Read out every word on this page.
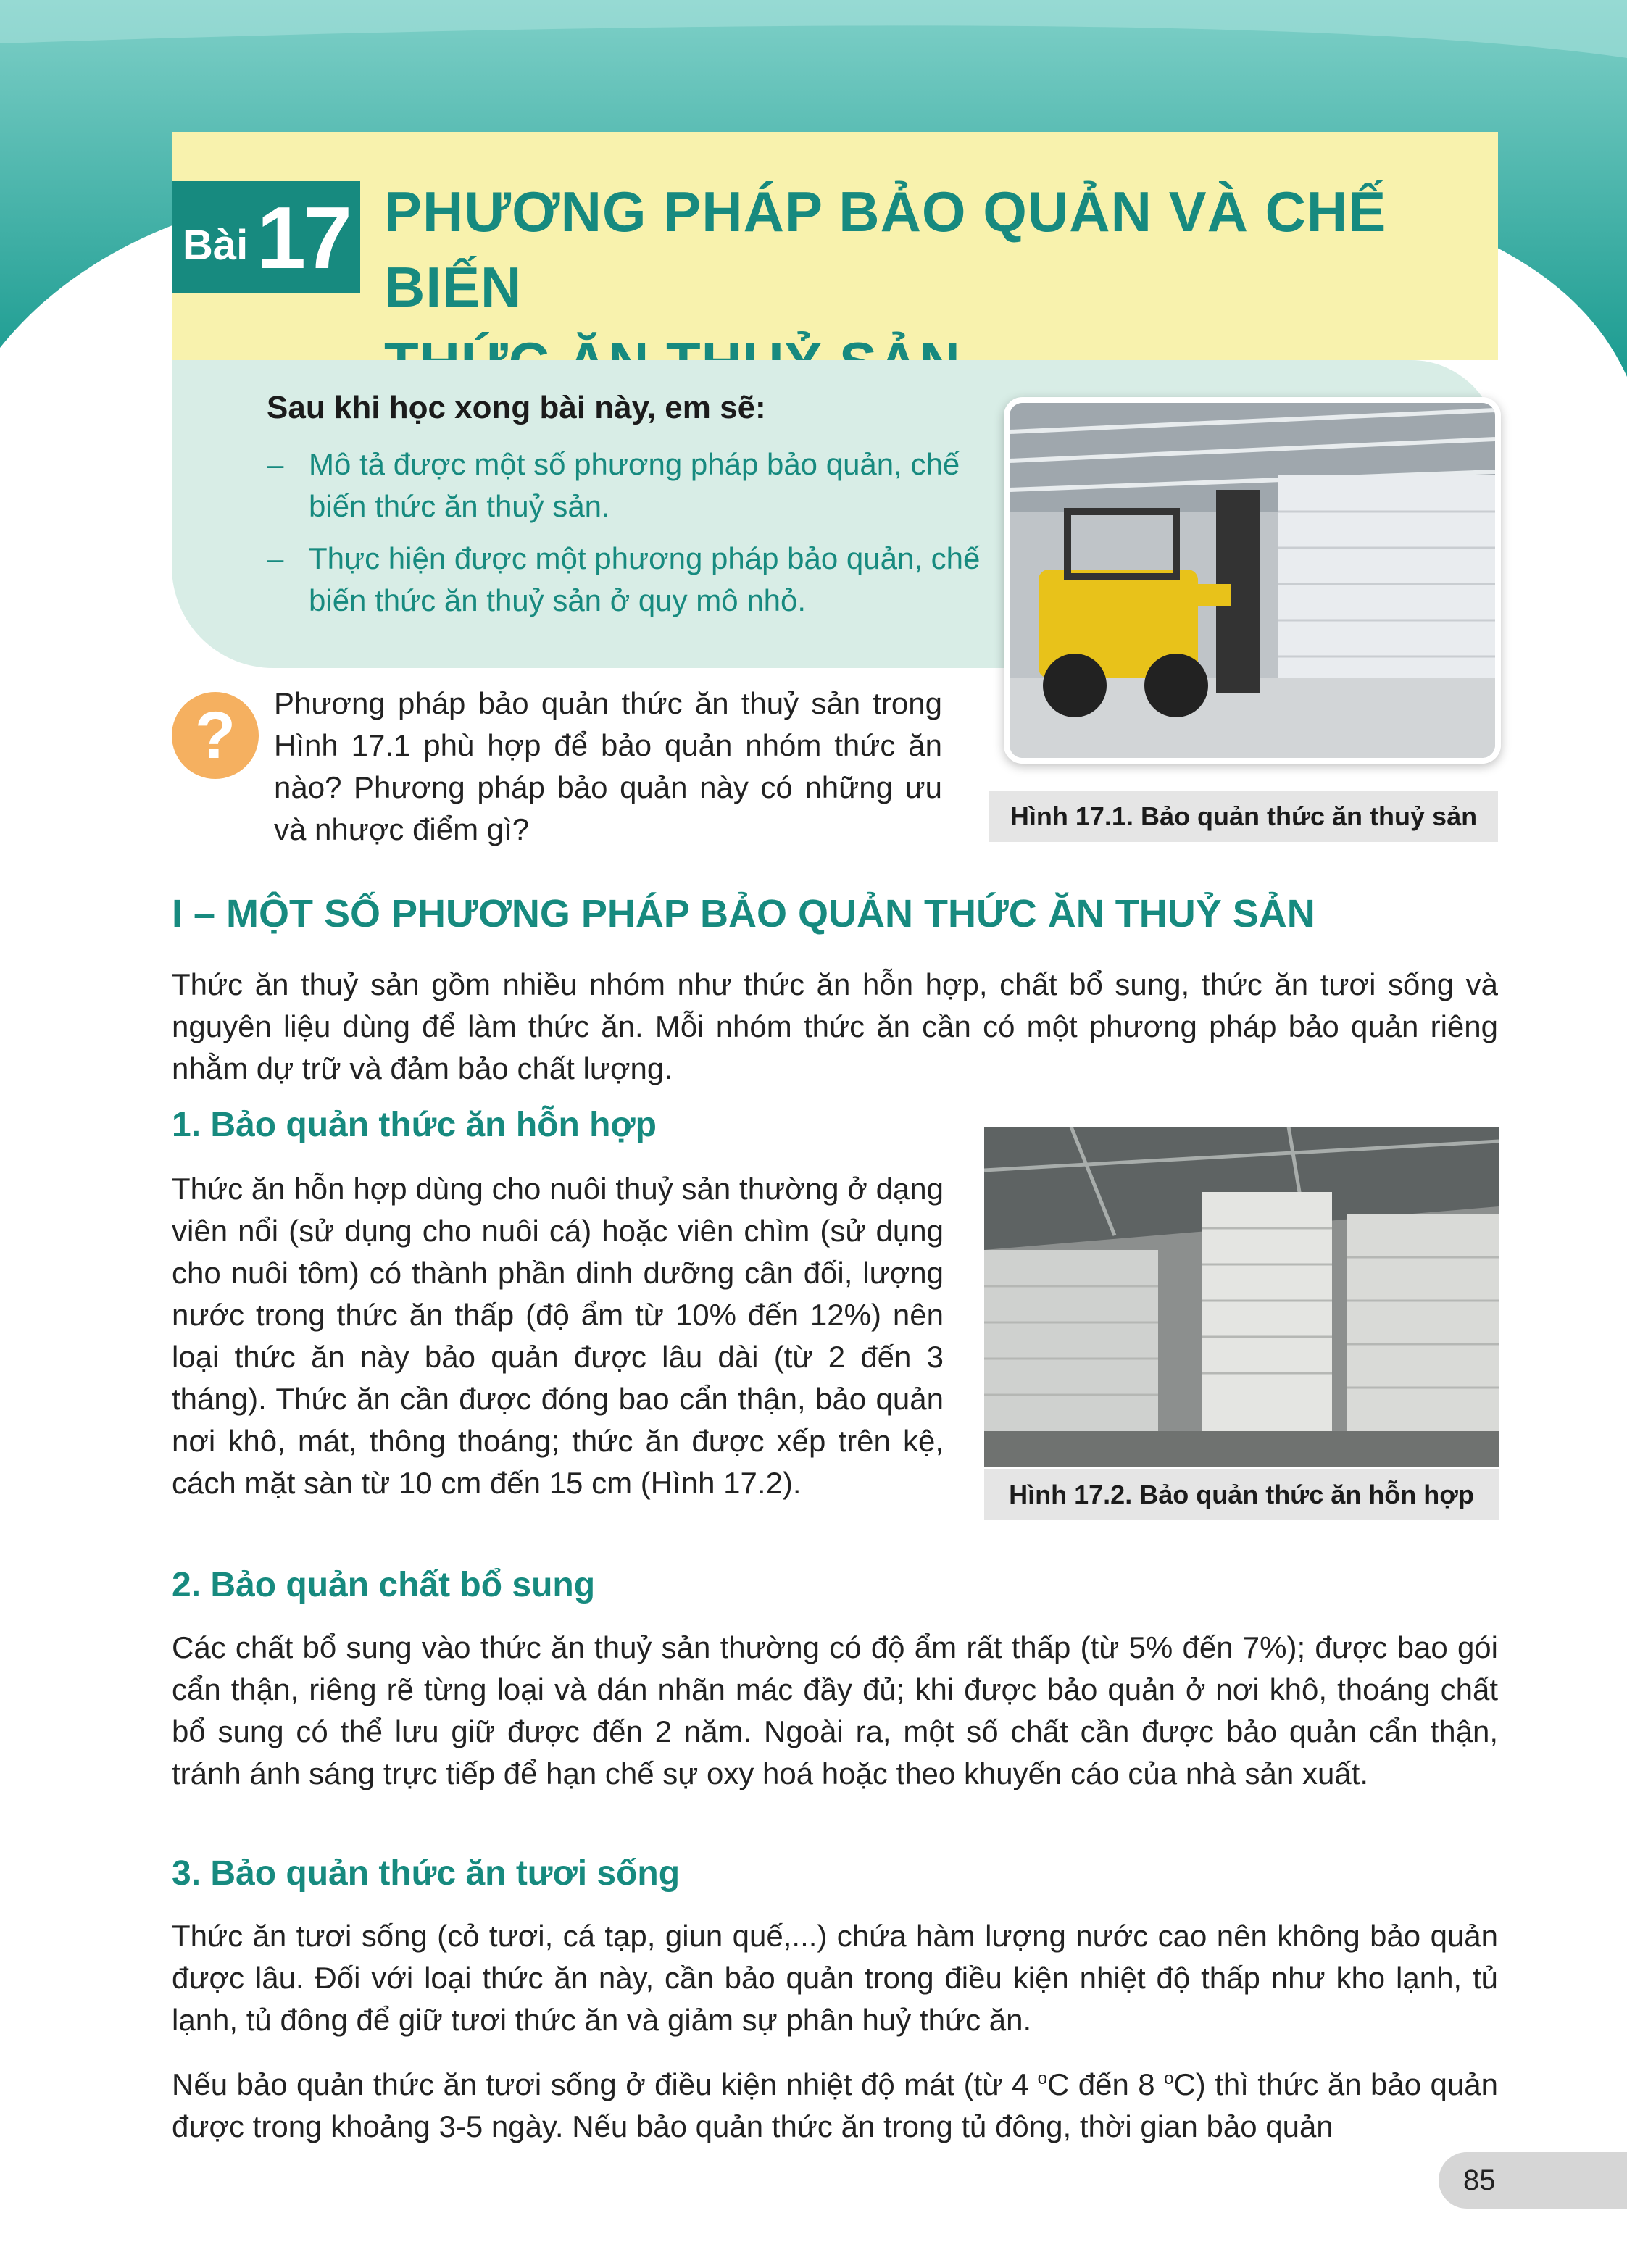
Bài 17 PHƯƠNG PHÁP BẢO QUẢN VÀ CHẾ BIẾN
Sau khi học xong bài này, em sẽ:
– Mô tả được một số phương pháp bảo quản, chế biến thức ăn thuỷ sản.
– Thực hiện được một phương pháp bảo quản, chế biến thức ăn thuỷ sản ở quy mô nhỏ.
Hình 17.1. Bảo quản thức ăn thuỷ sản
?	Phương pháp bảo quản thức ăn thuỷ sản trong Hình 17.1 phù hợp để bảo quản nhóm thức ăn nào? Phương pháp bảo quản này có những ưu và nhược điểm gì?
I – MỘT SỐ PHƯƠNG PHÁP BẢO QUẢN THỨC ĂN THUỶ SẢN
Thức ăn thuỷ sản gồm nhiều nhóm như thức ăn hỗn hợp, chất bổ sung, thức ăn tươi sống và nguyên liệu dùng để làm thức ăn. Mỗi nhóm thức ăn cần có một phương pháp bảo quản riêng nhằm dự trữ và đảm bảo chất lượng.
1. Bảo quản thức ăn hỗn hợp
Thức ăn hỗn hợp dùng cho nuôi thuỷ sản thường ở dạng viên nổi (sử dụng cho nuôi cá) hoặc viên chìm (sử dụng cho nuôi tôm) có thành phần dinh dưỡng cân đối, lượng nước trong thức ăn thấp (độ ẩm từ 10% đến 12%) nên loại thức ăn này bảo quản được lâu dài (từ 2 đến 3 tháng). Thức ăn cần được đóng bao cẩn thận, bảo quản nơi khô, mát, thông thoáng; thức ăn được xếp trên kệ, cách mặt sàn từ 10 cm đến 15 cm (Hình 17.2).	Hình 17.2. Bảo quản thức ăn hỗn hợp
2. Bảo quản chất bổ sung
Các chất bổ sung vào thức ăn thuỷ sản thường có độ ẩm rất thấp (từ 5% đến 7%); được bao gói cẩn thận, riêng rẽ từng loại và dán nhãn mác đầy đủ; khi được bảo quản ở nơi khô, thoáng chất bổ sung có thể lưu giữ được đến 2 năm. Ngoài ra, một số chất cần được bảo quản cẩn thận, tránh ánh sáng trực tiếp để hạn chế sự oxy hoá hoặc theo khuyến cáo của nhà sản xuất.
3. Bảo quản thức ăn tươi sống
Thức ăn tươi sống (cỏ tươi, cá tạp, giun quế,...) chứa hàm lượng nước cao nên không bảo quản được lâu. Đối với loại thức ăn này, cần bảo quản trong điều kiện nhiệt độ thấp như kho lạnh, tủ lạnh, tủ đông để giữ tươi thức ăn và giảm sự phân huỷ thức ăn.
Nếu bảo quản thức ăn tươi sống ở điều kiện nhiệt độ mát (từ 4 $^o$C đến 8 $^o$C) thì thức ăn bảo quản được trong khoảng 3-5 ngày. Nếu bảo quản thức ăn trong tủ đông, thời gian bảo quản
85
